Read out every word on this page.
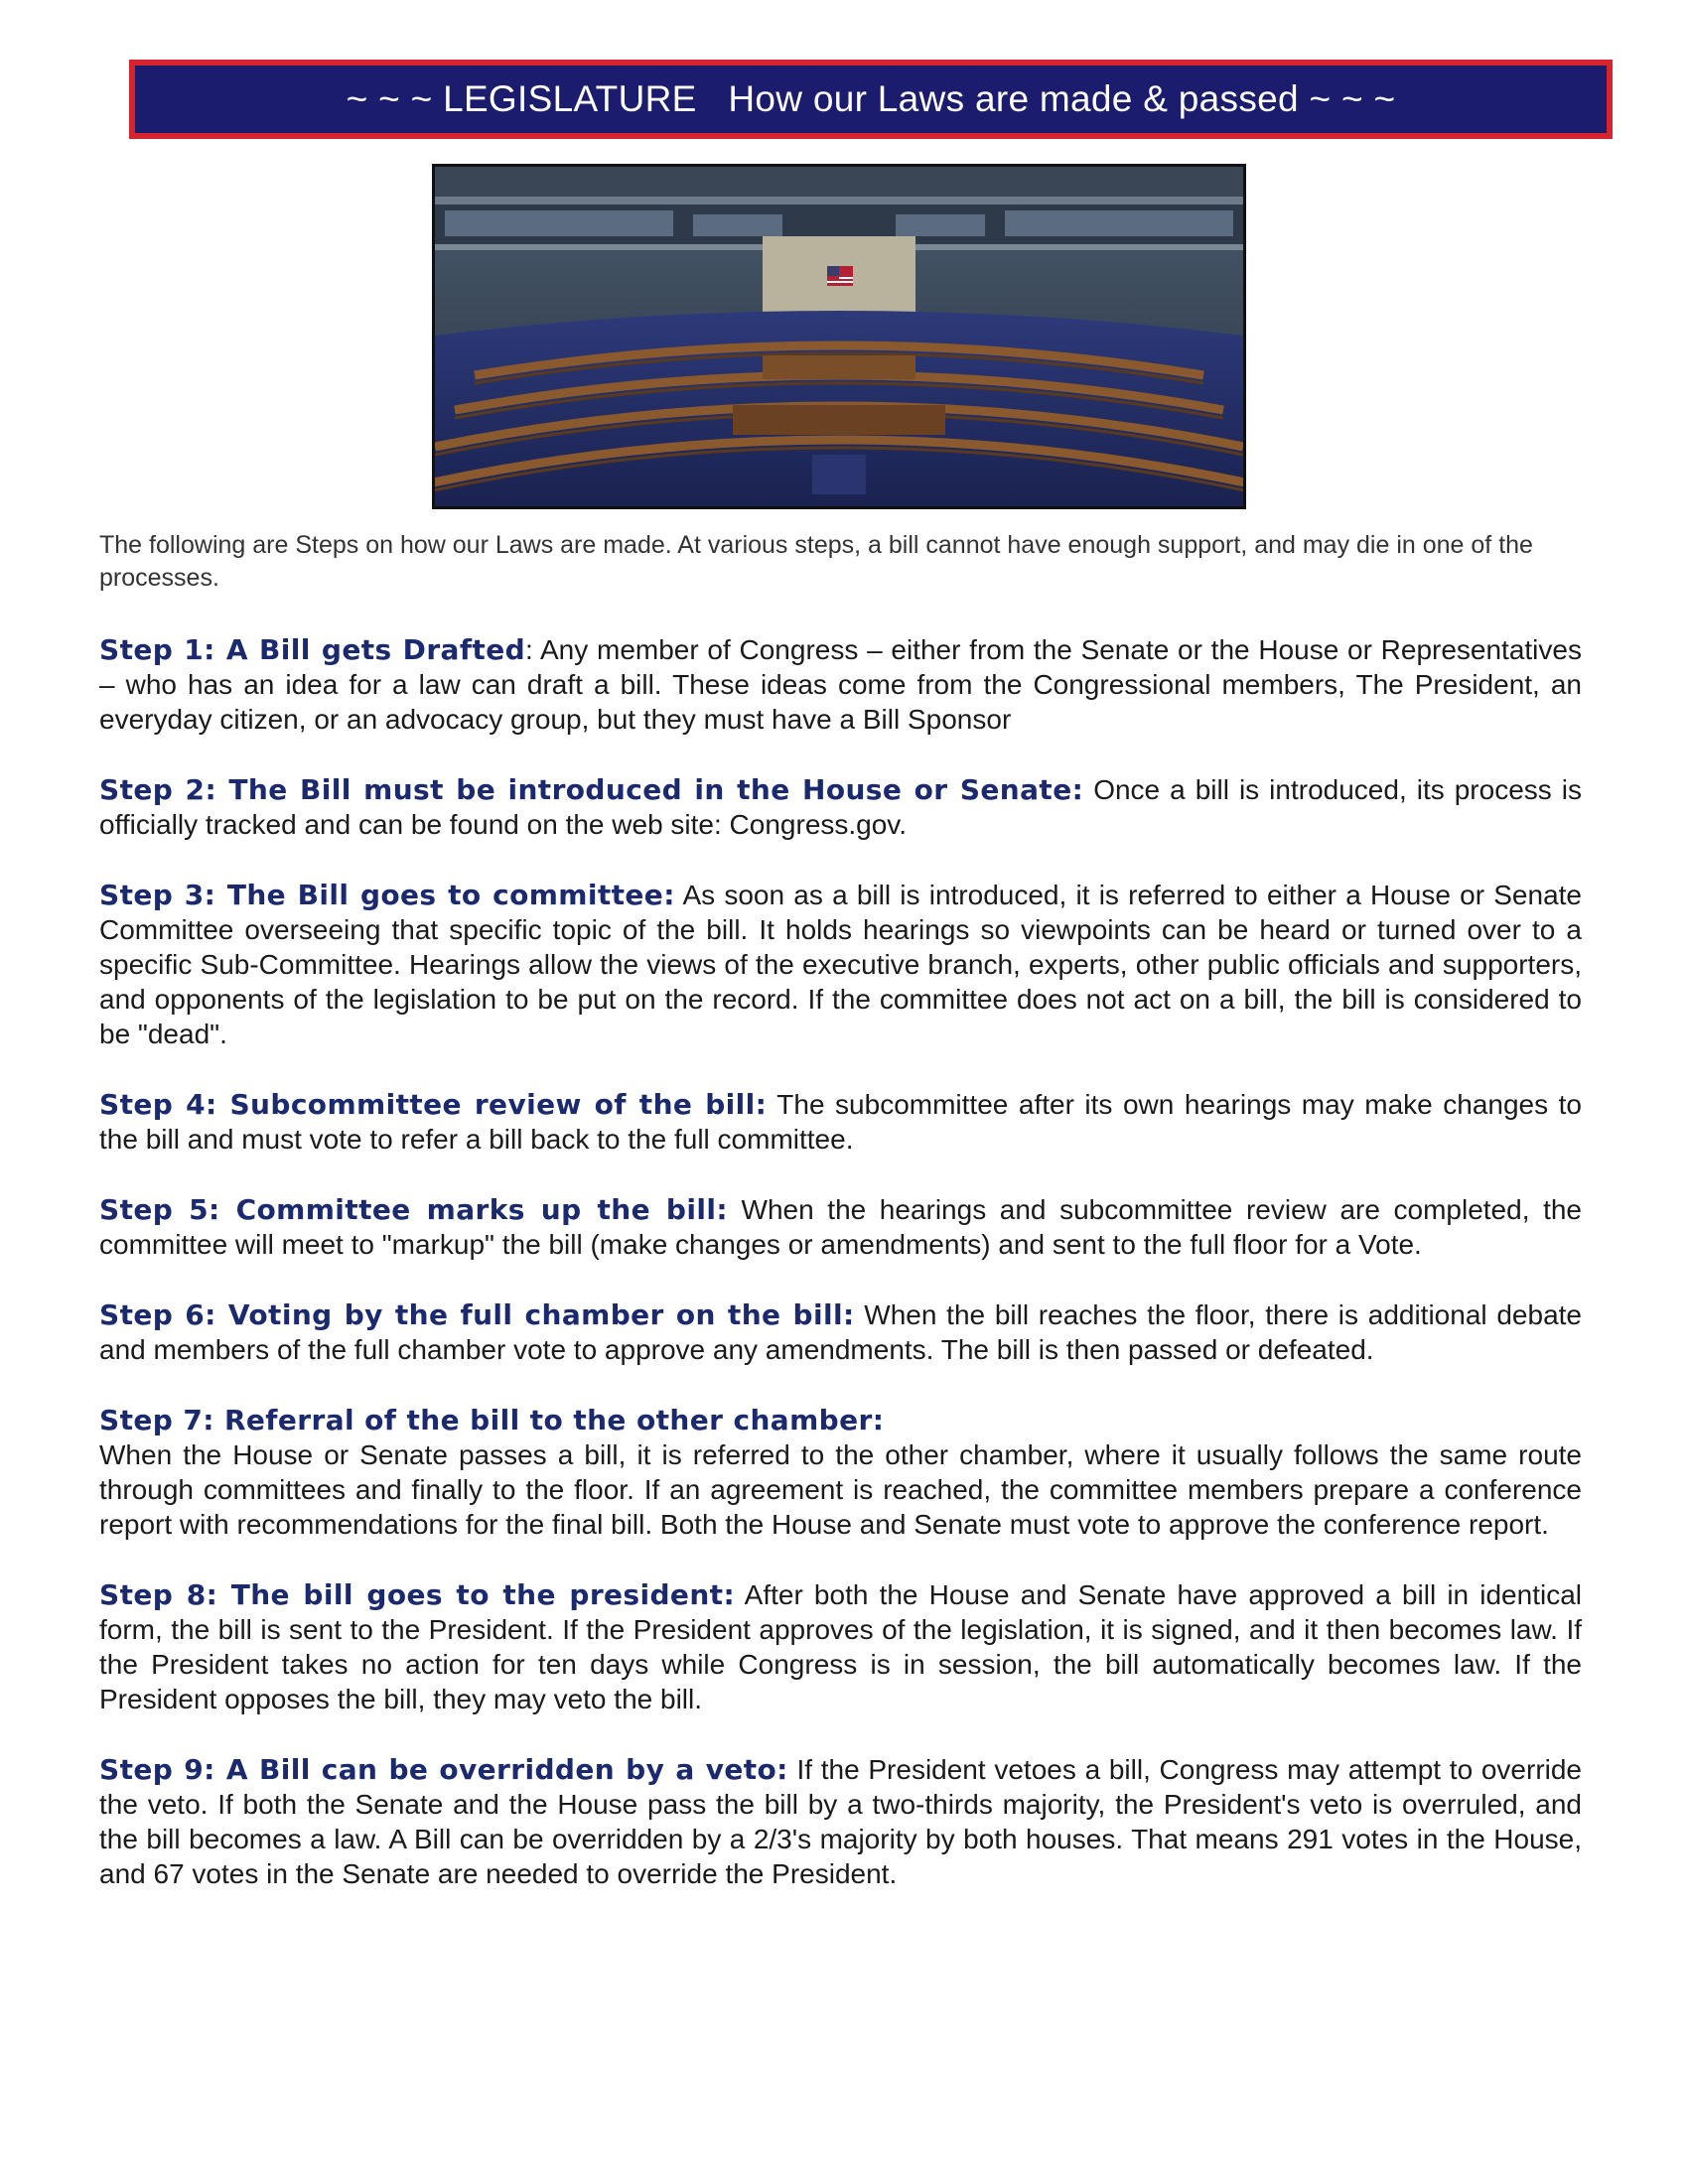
~ ~ ~ LEGISLATURE   How our Laws are made & passed ~ ~ ~

The following are Steps on how our Laws are made. At various steps, a bill cannot have enough support, and may die in one of the processes.

Step 1: A Bill gets Drafted: Any member of Congress – either from the Senate or the House or Representatives – who has an idea for a law can draft a bill. These ideas come from the Congressional members, The President, an everyday citizen, or an advocacy group, but they must have a Bill Sponsor

Step 2: The Bill must be introduced in the House or Senate: Once a bill is introduced, its process is officially tracked and can be found on the web site: Congress.gov.

Step 3: The Bill goes to committee: As soon as a bill is introduced, it is referred to either a House or Senate Committee overseeing that specific topic of the bill. It holds hearings so viewpoints can be heard or turned over to a specific Sub-Committee. Hearings allow the views of the executive branch, experts, other public officials and supporters, and opponents of the legislation to be put on the record. If the committee does not act on a bill, the bill is considered to be "dead".

Step 4: Subcommittee review of the bill: The subcommittee after its own hearings may make changes to the bill and must vote to refer a bill back to the full committee.

Step 5: Committee marks up the bill: When the hearings and subcommittee review are completed, the committee will meet to "markup" the bill (make changes or amendments) and sent to the full floor for a Vote.

Step 6: Voting by the full chamber on the bill: When the bill reaches the floor, there is additional debate and members of the full chamber vote to approve any amendments. The bill is then passed or defeated.

Step 7: Referral of the bill to the other chamber:
When the House or Senate passes a bill, it is referred to the other chamber, where it usually follows the same route through committees and finally to the floor. If an agreement is reached, the committee members prepare a conference report with recommendations for the final bill. Both the House and Senate must vote to approve the conference report.

Step 8: The bill goes to the president: After both the House and Senate have approved a bill in identical form, the bill is sent to the President. If the President approves of the legislation, it is signed, and it then becomes law. If the President takes no action for ten days while Congress is in session, the bill automatically becomes law. If the President opposes the bill, they may veto the bill.

Step 9: A Bill can be overridden by a veto: If the President vetoes a bill, Congress may attempt to override the veto. If both the Senate and the House pass the bill by a two-thirds majority, the President's veto is overruled, and the bill becomes a law. A Bill can be overridden by a 2/3's majority by both houses. That means 291 votes in the House, and 67 votes in the Senate are needed to override the President.
